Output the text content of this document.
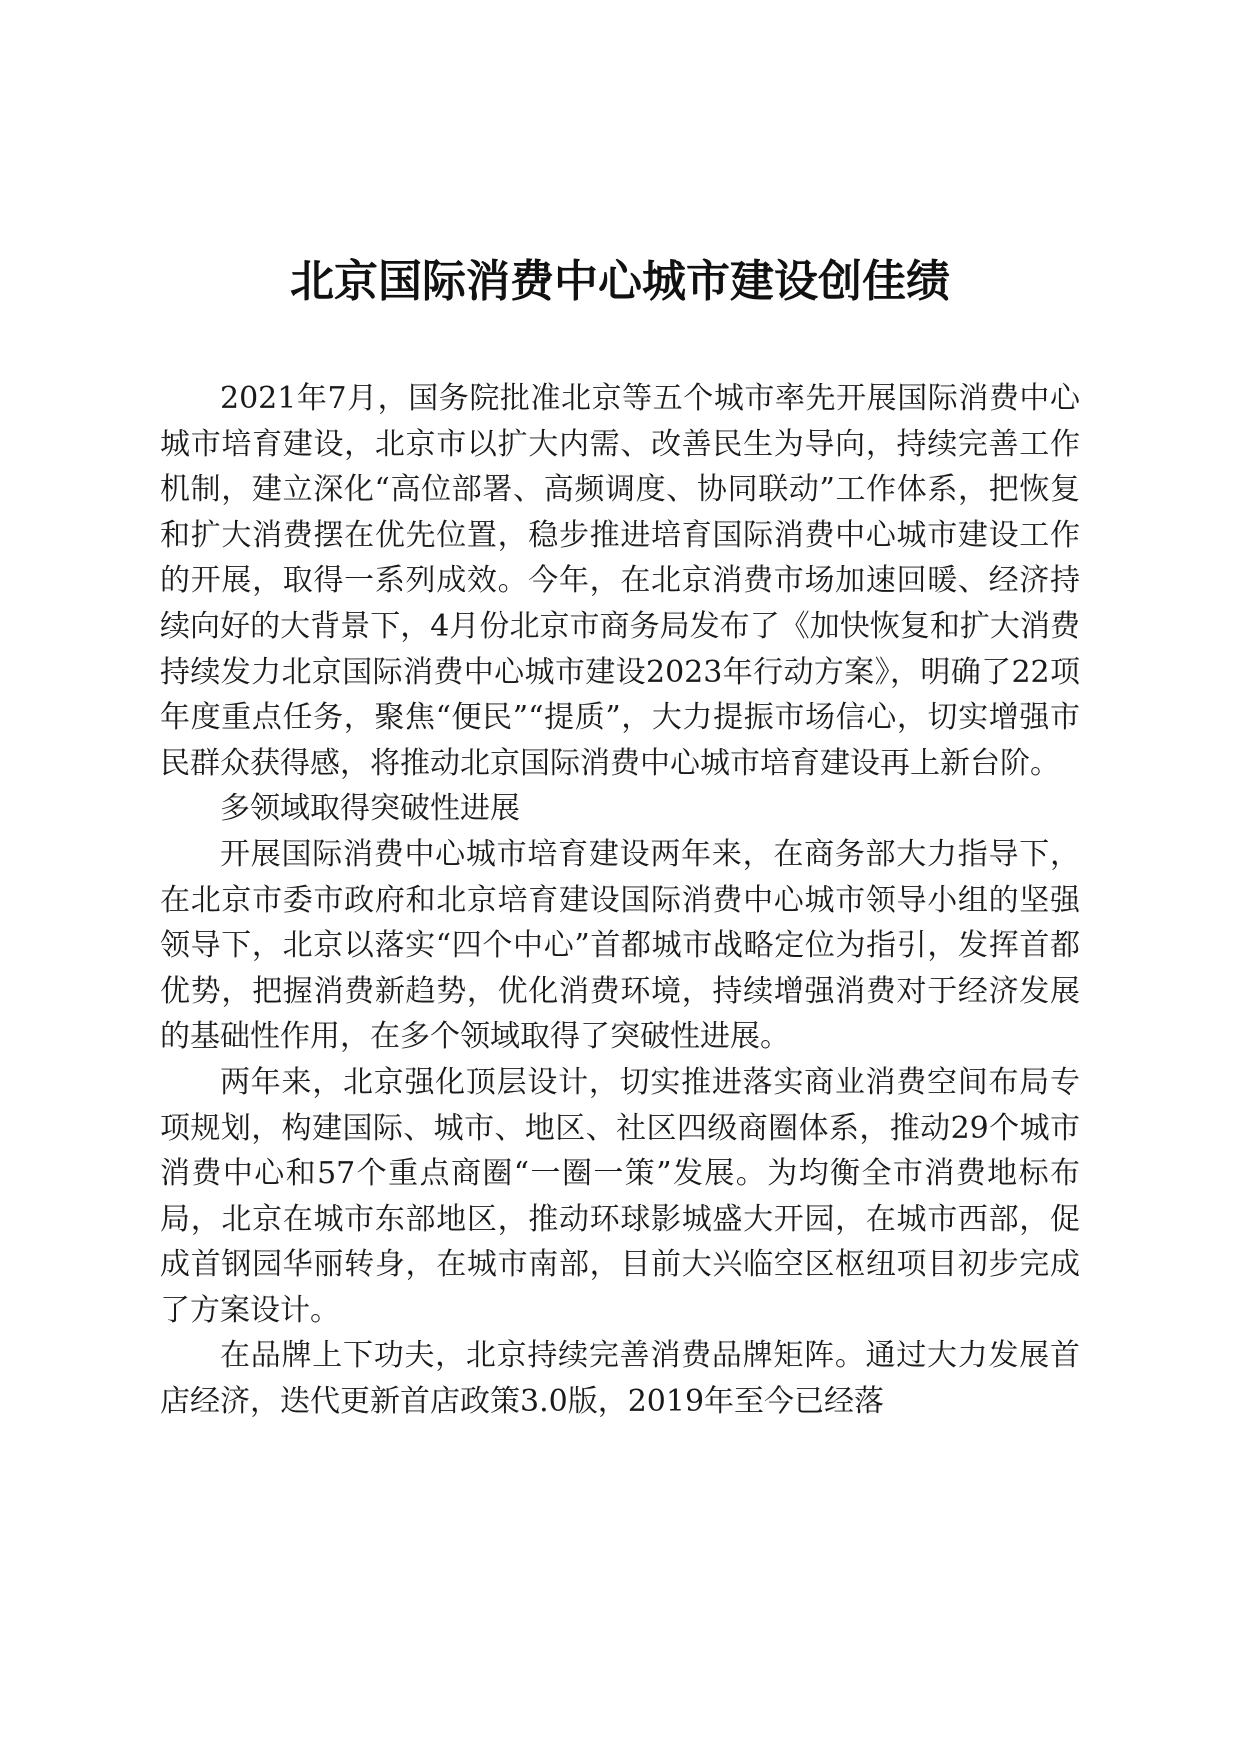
北京国际消费中心城市建设创佳绩

2021年7月，国务院批准北京等五个城市率先开展国际消费中心城市培育建设，北京市以扩大内需、改善民生为导向，持续完善工作机制，建立深化“高位部署、高频调度、协同联动”工作体系，把恢复和扩大消费摆在优先位置，稳步推进培育国际消费中心城市建设工作的开展，取得一系列成效。今年，在北京消费市场加速回暖、经济持续向好的大背景下，4月份北京市商务局发布了《加快恢复和扩大消费持续发力北京国际消费中心城市建设2023年行动方案》，明确了22项年度重点任务，聚焦“便民”“提质”，大力提振市场信心，切实增强市民群众获得感，将推动北京国际消费中心城市培育建设再上新台阶。

多领域取得突破性进展

开展国际消费中心城市培育建设两年来，在商务部大力指导下，在北京市委市政府和北京培育建设国际消费中心城市领导小组的坚强领导下，北京以落实“四个中心”首都城市战略定位为指引，发挥首都优势，把握消费新趋势，优化消费环境，持续增强消费对于经济发展的基础性作用，在多个领域取得了突破性进展。

两年来，北京强化顶层设计，切实推进落实商业消费空间布局专项规划，构建国际、城市、地区、社区四级商圈体系，推动29个城市消费中心和57个重点商圈“一圈一策”发展。为均衡全市消费地标布局，北京在城市东部地区，推动环球影城盛大开园，在城市西部，促成首钢园华丽转身，在城市南部，目前大兴临空区枢纽项目初步完成了方案设计。

在品牌上下功夫，北京持续完善消费品牌矩阵。通过大力发展首店经济，迭代更新首店政策3.0版，2019年至今已经落
